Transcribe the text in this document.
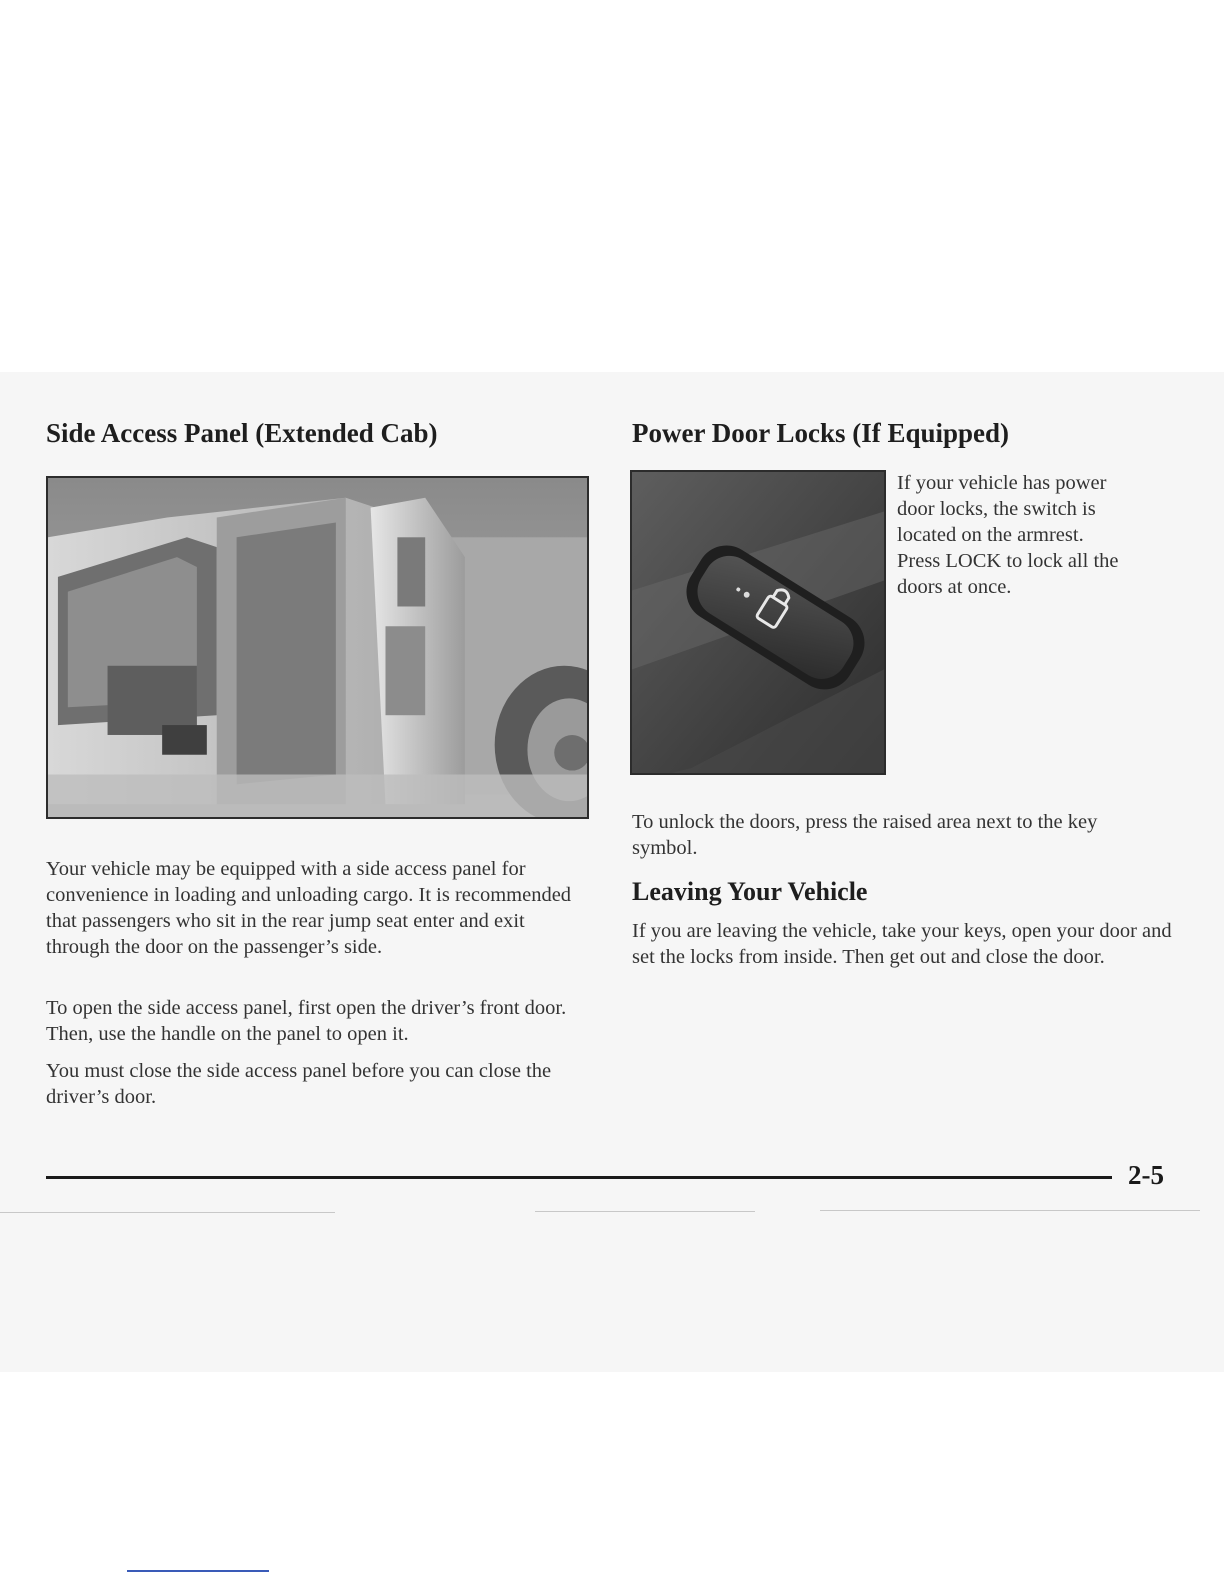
Side Access Panel (Extended Cab)

Your vehicle may be equipped with a side access panel for convenience in loading and unloading cargo. It is recommended that passengers who sit in the rear jump seat enter and exit through the door on the passenger’s side.

To open the side access panel, first open the driver’s front door. Then, use the handle on the panel to open it.

You must close the side access panel before you can close the driver’s door.

Power Door Locks (If Equipped)

If your vehicle has power

door locks, the switch is

located on the armrest.

Press LOCK to lock all the

doors at once.

To unlock the doors, press the raised area next to the key symbol.

Leaving Your Vehicle

If you are leaving the vehicle, take your keys, open your door and set the locks from inside. Then get out and close the door.

2-5
